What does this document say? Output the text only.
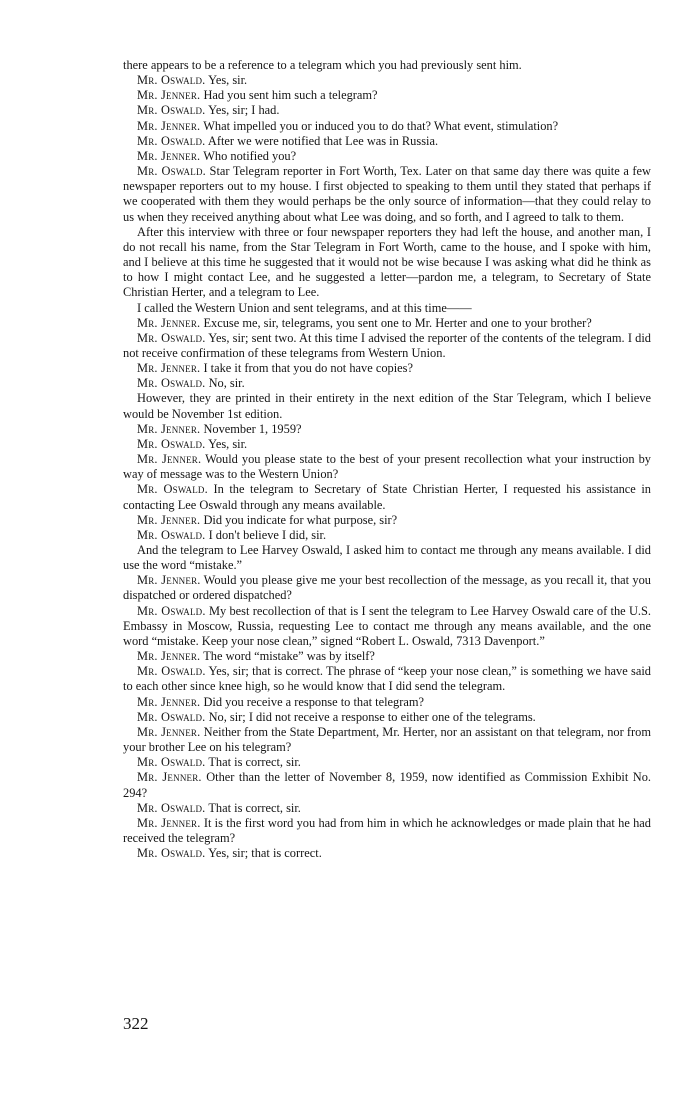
there appears to be a reference to a telegram which you had previously sent him.

Mr. Oswald. Yes, sir.

Mr. Jenner. Had you sent him such a telegram?

Mr. Oswald. Yes, sir; I had.

Mr. Jenner. What impelled you or induced you to do that? What event, stimulation?

Mr. Oswald. After we were notified that Lee was in Russia.

Mr. Jenner. Who notified you?

Mr. Oswald. Star Telegram reporter in Fort Worth, Tex. Later on that same day there was quite a few newspaper reporters out to my house. I first objected to speaking to them until they stated that perhaps if we cooperated with them they would perhaps be the only source of information—that they could relay to us when they received anything about what Lee was doing, and so forth, and I agreed to talk to them.

After this interview with three or four newspaper reporters they had left the house, and another man, I do not recall his name, from the Star Telegram in Fort Worth, came to the house, and I spoke with him, and I believe at this time he suggested that it would not be wise because I was asking what did he think as to how I might contact Lee, and he suggested a letter—pardon me, a telegram, to Secretary of State Christian Herter, and a telegram to Lee.

I called the Western Union and sent telegrams, and at this time——

Mr. Jenner. Excuse me, sir, telegrams, you sent one to Mr. Herter and one to your brother?

Mr. Oswald. Yes, sir; sent two. At this time I advised the reporter of the contents of the telegram. I did not receive confirmation of these telegrams from Western Union.

Mr. Jenner. I take it from that you do not have copies?

Mr. Oswald. No, sir.

However, they are printed in their entirety in the next edition of the Star Telegram, which I believe would be November 1st edition.

Mr. Jenner. November 1, 1959?

Mr. Oswald. Yes, sir.

Mr. Jenner. Would you please state to the best of your present recollection what your instruction by way of message was to the Western Union?

Mr. Oswald. In the telegram to Secretary of State Christian Herter, I requested his assistance in contacting Lee Oswald through any means available.

Mr. Jenner. Did you indicate for what purpose, sir?

Mr. Oswald. I don't believe I did, sir.

And the telegram to Lee Harvey Oswald, I asked him to contact me through any means available. I did use the word “mistake.”

Mr. Jenner. Would you please give me your best recollection of the message, as you recall it, that you dispatched or ordered dispatched?

Mr. Oswald. My best recollection of that is I sent the telegram to Lee Harvey Oswald care of the U.S. Embassy in Moscow, Russia, requesting Lee to contact me through any means available, and the one word “mistake. Keep your nose clean,” signed “Robert L. Oswald, 7313 Davenport.”

Mr. Jenner. The word “mistake” was by itself?

Mr. Oswald. Yes, sir; that is correct. The phrase of “keep your nose clean,” is something we have said to each other since knee high, so he would know that I did send the telegram.

Mr. Jenner. Did you receive a response to that telegram?

Mr. Oswald. No, sir; I did not receive a response to either one of the telegrams.

Mr. Jenner. Neither from the State Department, Mr. Herter, nor an assistant on that telegram, nor from your brother Lee on his telegram?

Mr. Oswald. That is correct, sir.

Mr. Jenner. Other than the letter of November 8, 1959, now identified as Commission Exhibit No. 294?

Mr. Oswald. That is correct, sir.

Mr. Jenner. It is the first word you had from him in which he acknowledges or made plain that he had received the telegram?

Mr. Oswald. Yes, sir; that is correct.

322
